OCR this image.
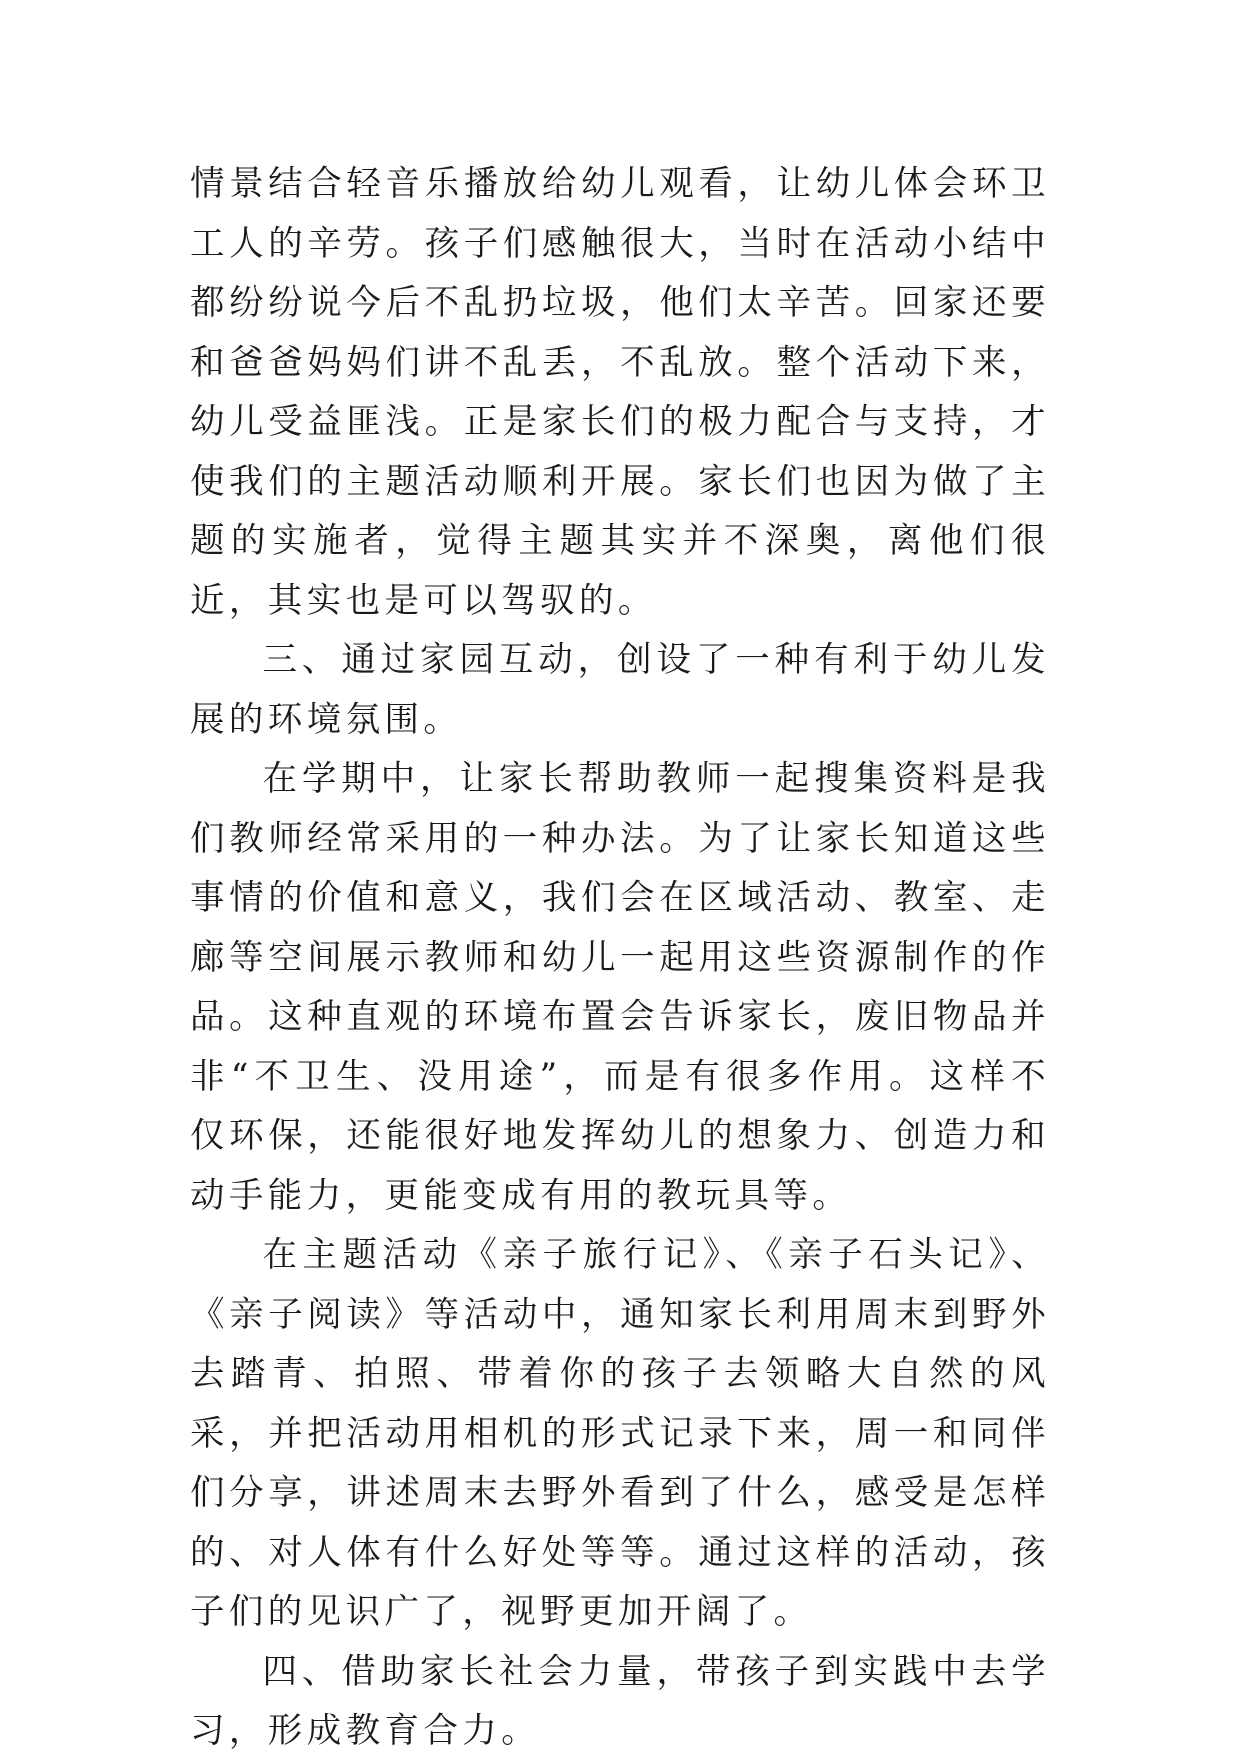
情景结合轻音乐播放给幼儿观看，让幼儿体会环卫工人的辛劳。孩子们感触很大，当时在活动小结中都纷纷说今后不乱扔垃圾，他们太辛苦。回家还要和爸爸妈妈们讲不乱丢，不乱放。整个活动下来，幼儿受益匪浅。正是家长们的极力配合与支持，才使我们的主题活动顺利开展。家长们也因为做了主题的实施者，觉得主题其实并不深奥，离他们很近，其实也是可以驾驭的。

三、通过家园互动，创设了一种有利于幼儿发展的环境氛围。

在学期中，让家长帮助教师一起搜集资料是我们教师经常采用的一种办法。为了让家长知道这些事情的价值和意义，我们会在区域活动、教室、走廊等空间展示教师和幼儿一起用这些资源制作的作品。这种直观的环境布置会告诉家长，废旧物品并非“不卫生、没用途”，而是有很多作用。这样不仅环保，还能很好地发挥幼儿的想象力、创造力和动手能力，更能变成有用的教玩具等。

在主题活动《亲子旅行记》、《亲子石头记》、《亲子阅读》等活动中，通知家长利用周末到野外去踏青、拍照、带着你的孩子去领略大自然的风采，并把活动用相机的形式记录下来，周一和同伴们分享，讲述周末去野外看到了什么，感受是怎样的、对人体有什么好处等等。通过这样的活动，孩子们的见识广了，视野更加开阔了。

四、借助家长社会力量，带孩子到实践中去学习，形成教育合力。
